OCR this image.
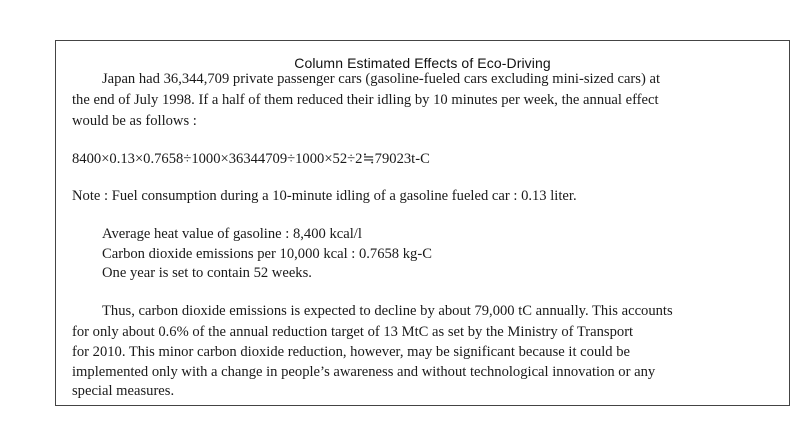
Column Estimated Effects of Eco-Driving
Japan had 36,344,709 private passenger cars (gasoline-fueled cars excluding mini-sized cars) at
the end of July 1998. If a half of them reduced their idling by 10 minutes per week, the annual effect
would be as follows :
8400×0.13×0.7658÷1000×36344709÷1000×52÷2≒79023t-C
Note : Fuel consumption during a 10-minute idling of a gasoline fueled car : 0.13 liter.
Average heat value of gasoline : 8,400 kcal/l
Carbon dioxide emissions per 10,000 kcal : 0.7658 kg-C
One year is set to contain 52 weeks.
Thus, carbon dioxide emissions is expected to decline by about 79,000 tC annually. This accounts
for only about 0.6% of the annual reduction target of 13 MtC as set by the Ministry of Transport
for 2010. This minor carbon dioxide reduction, however, may be significant because it could be
implemented only with a change in people’s awareness and without technological innovation or any
special measures.
